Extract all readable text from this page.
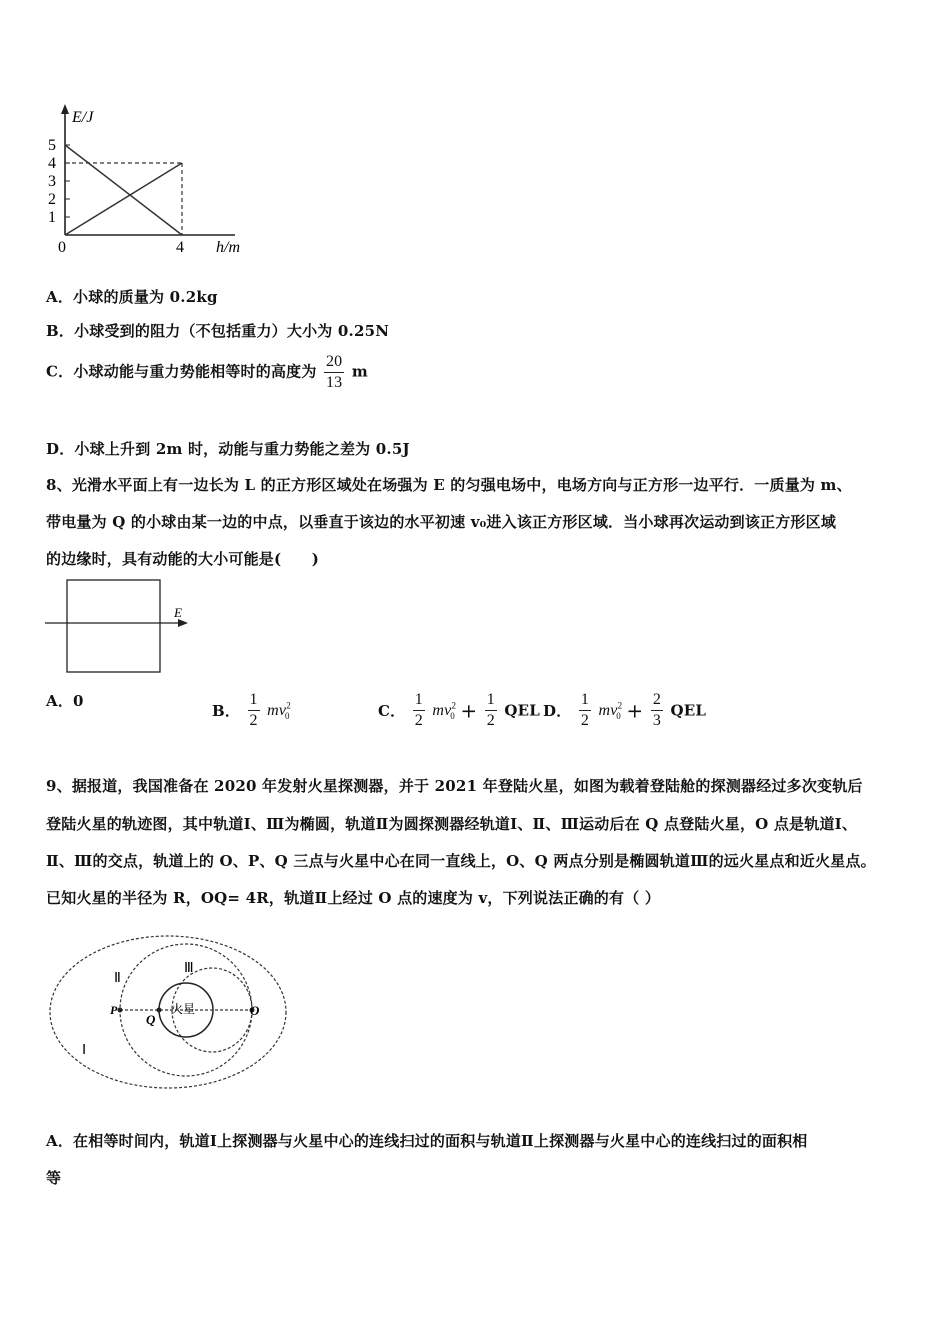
E/J
5
4
3
2
1
0	4 h/m
A．小球的质量为 0.2kg
B．小球受到的阻力（不包括重力）大小为 0.25N
C．小球动能与重力势能相等时的高度为 $\frac{20}{13}$ m
D．小球上升到 2m 时，动能与重力势能之差为 0.5J
8、光滑水平面上有一边长为 L 的正方形区域处在场强为 E 的匀强电场中，电场方向与正方形一边平行．一质量为 m、
带电量为 Q 的小球由某一边的中点，以垂直于该边的水平初速 v₀进入该正方形区域．当小球再次运动到该正方形区域
的边缘时，具有动能的大小可能是(　　)
E
A．0
B． $\frac{1}{2} mv^2_0$	C． $\frac{1}{2} mv^2_0 + \frac{1}{2}$ QEL D． $\frac{1}{2} mv^2_0 + \frac{2}{3}$ QEL
9、据报道，我国准备在 2020 年发射火星探测器，并于 2021 年登陆火星，如图为载着登陆舱的探测器经过多次变轨后
登陆火星的轨迹图，其中轨道Ⅰ、Ⅲ为椭圆，轨道Ⅱ为圆探测器经轨道Ⅰ、Ⅱ、Ⅲ运动后在 Q 点登陆火星，O 点是轨道Ⅰ、
Ⅱ、Ⅲ的交点，轨道上的 O、P、Q 三点与火星中心在同一直线上，O、Q 两点分别是椭圆轨道Ⅲ的远火星点和近火星点。
已知火星的半径为 R，OQ= 4R，轨道Ⅱ上经过 O 点的速度为 v，下列说法正确的有（ ）
Ⅱ
Ⅲ
Ⅰ
P
Q
O
火星
A．在相等时间内，轨道Ⅰ上探测器与火星中心的连线扫过的面积与轨道Ⅱ上探测器与火星中心的连线扫过的面积相
等
